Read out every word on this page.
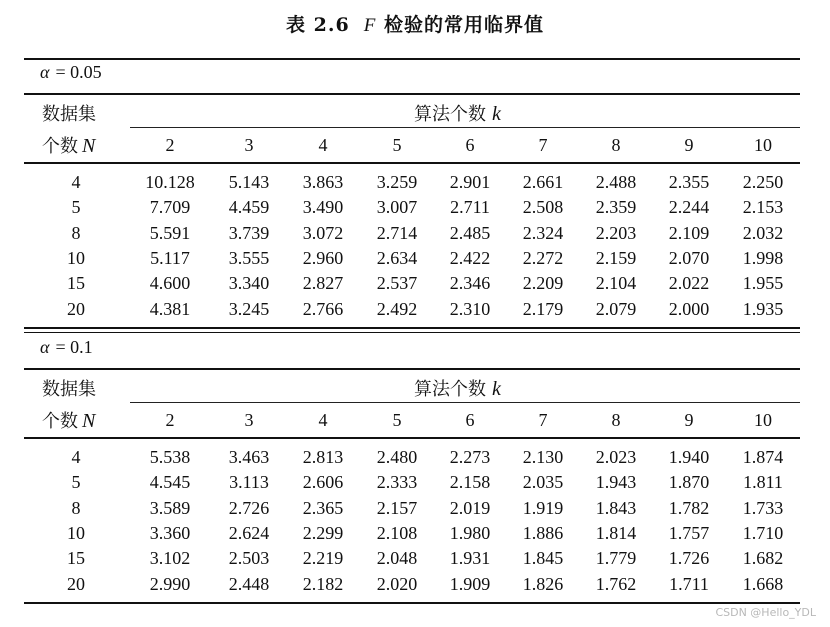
表 2.6 F 检验的常用临界值
α = 0.05
数据集	算法个数 k
个数 N	2	3	4	5	6	7	8	9	10
4	10.128	5.143	3.863	3.259	2.901	2.661	2.488	2.355	2.250
5	7.709	4.459	3.490	3.007	2.711	2.508	2.359	2.244	2.153
8	5.591	3.739	3.072	2.714	2.485	2.324	2.203	2.109	2.032
10	5.117	3.555	2.960	2.634	2.422	2.272	2.159	2.070	1.998
15	4.600	3.340	2.827	2.537	2.346	2.209	2.104	2.022	1.955
20	4.381	3.245	2.766	2.492	2.310	2.179	2.079	2.000	1.935
α = 0.1
数据集	算法个数 k
个数 N	2	3	4	5	6	7	8	9	10
4	5.538	3.463	2.813	2.480	2.273	2.130	2.023	1.940	1.874
5	4.545	3.113	2.606	2.333	2.158	2.035	1.943	1.870	1.811
8	3.589	2.726	2.365	2.157	2.019	1.919	1.843	1.782	1.733
10	3.360	2.624	2.299	2.108	1.980	1.886	1.814	1.757	1.710
15	3.102	2.503	2.219	2.048	1.931	1.845	1.779	1.726	1.682
20	2.990	2.448	2.182	2.020	1.909	1.826	1.762	1.711	1.668
CSDN @Hello_YDL
